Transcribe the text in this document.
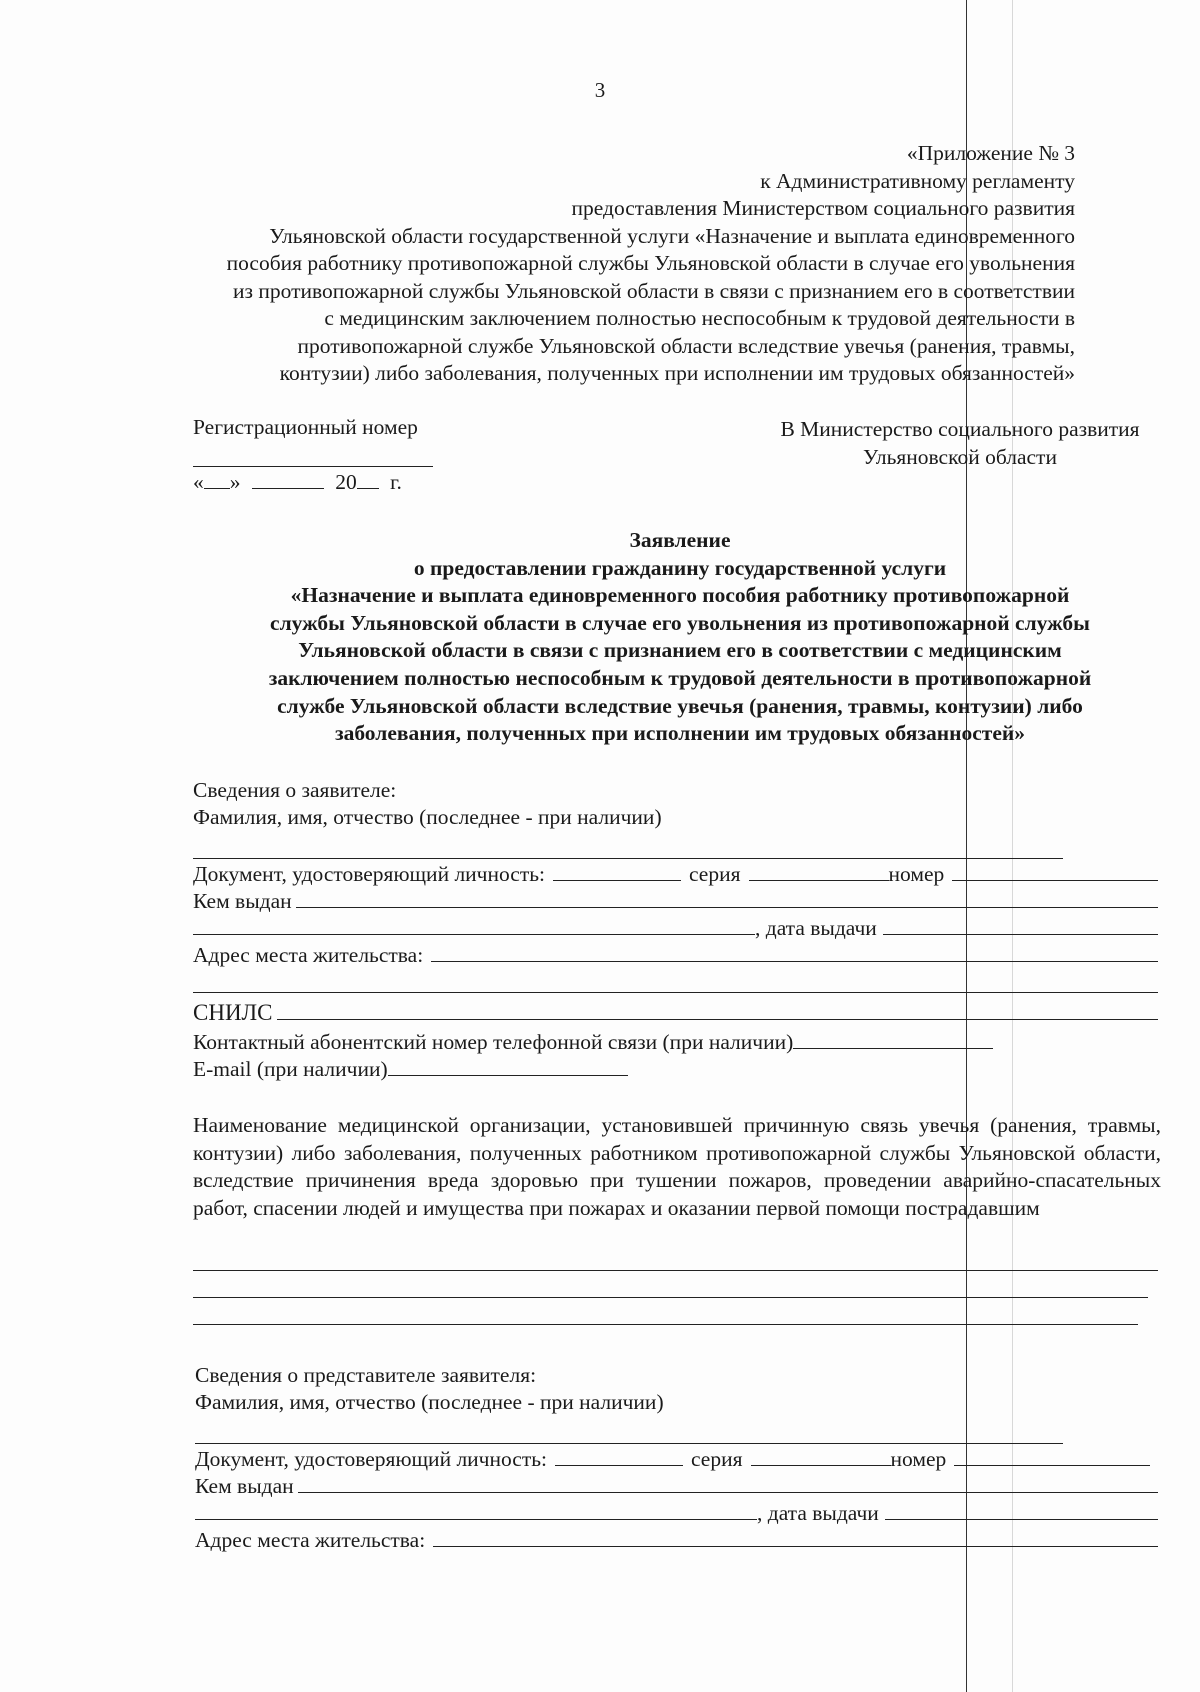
3
«Приложение № 3
к Административному регламенту
предоставления Министерством социального развития
Ульяновской области государственной услуги «Назначение и выплата единовременного
пособия работнику противопожарной службы Ульяновской области в случае его увольнения
из противопожарной службы Ульяновской области в связи с признанием его в соответствии
с медицинским заключением полностью неспособным к трудовой деятельности в
противопожарной службе Ульяновской области вследствие увечья (ранения, травмы,
контузии) либо заболевания, полученных при исполнении им трудовых обязанностей»
Регистрационный номер
« »	20 г.
В Министерство социального развития
Ульяновской области
Заявление
о предоставлении гражданину государственной услуги
«Назначение и выплата единовременного пособия работнику противопожарной
службы Ульяновской области в случае его увольнения из противопожарной службы
Ульяновской области в связи с признанием его в соответствии с медицинским
заключением полностью неспособным к трудовой деятельности в противопожарной
службе Ульяновской области вследствие увечья (ранения, травмы, контузии) либо
заболевания, полученных при исполнении им трудовых обязанностей»
Сведения о заявителе:
Фамилия, имя, отчество (последнее - при наличии)
Документ, удостоверяющий личность:	серия	номер
Кем выдан
, дата выдачи
Адрес места жительства:
СНИЛС
Контактный абонентский номер телефонной связи (при наличии)
E-mail (при наличии)
Наименование медицинской организации, установившей причинную связь увечья (ранения, травмы, контузии) либо заболевания, полученных работником противопожарной службы Ульяновской области, вследствие причинения вреда здоровью при тушении пожаров, проведении аварийно-спасательных работ, спасении людей и имущества при пожарах и оказании первой помощи пострадавшим
Сведения о представителе заявителя:
Фамилия, имя, отчество (последнее - при наличии)
Документ, удостоверяющий личность:	серия	номер
Кем выдан
, дата выдачи
Адрес места жительства:
